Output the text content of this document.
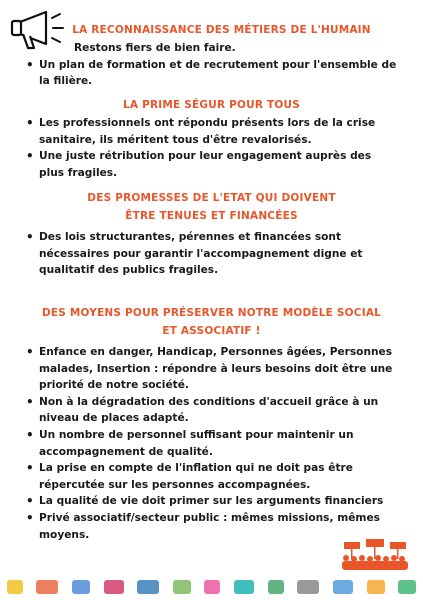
LA RECONNAISSANCE DES MÉTIERS DE L'HUMAIN
Restons fiers de bien faire.
• Un plan de formation et de recrutement pour l'ensemble de la filière.
LA PRIME SÉGUR POUR TOUS
• Les professionnels ont répondu présents lors de la crise sanitaire, ils méritent tous d'être revalorisés.
• Une juste rétribution pour leur engagement auprès des plus fragiles.
DES PROMESSES DE L'ETAT QUI DOIVENT
ÊTRE TENUES ET FINANCÉES
• Des lois structurantes, pérennes et financées sont nécessaires pour garantir l'accompagnement digne et qualitatif des publics fragiles.
DES MOYENS POUR PRÉSERVER NOTRE MODÈLE SOCIAL
ET ASSOCIATIF !
• Enfance en danger, Handicap, Personnes âgées, Personnes malades, Insertion : répondre à leurs besoins doit être une priorité de notre société.
• Non à la dégradation des conditions d'accueil grâce à un niveau de places adapté.
• Un nombre de personnel suffisant pour maintenir un accompagnement de qualité.
• La prise en compte de l'inflation qui ne doit pas être répercutée sur les personnes accompagnées.
• La qualité de vie doit primer sur les arguments financiers
• Privé associatif/secteur public : mêmes missions, mêmes moyens.
